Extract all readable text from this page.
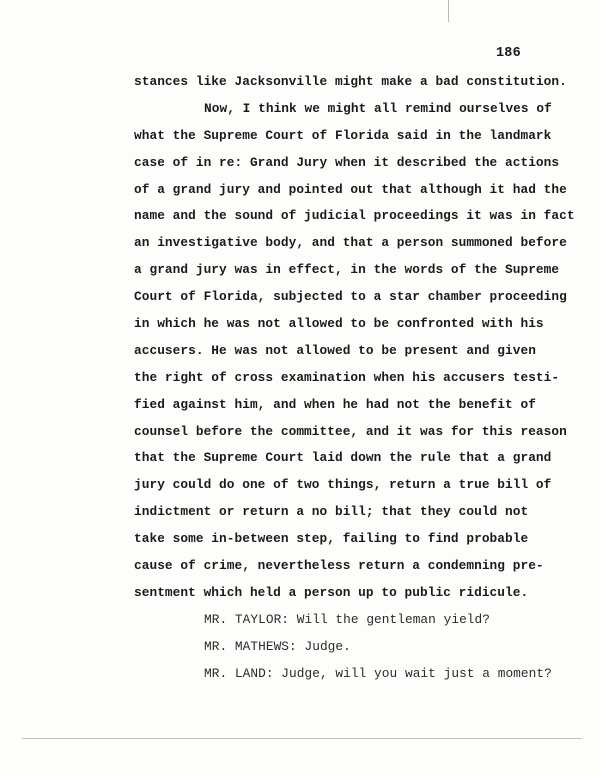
186
stances like Jacksonville might make a bad constitution.
Now, I think we might all remind ourselves of
what the Supreme Court of Florida said in the landmark
case of in re: Grand Jury when it described the actions
of a grand jury and pointed out that although it had the
name and the sound of judicial proceedings it was in fact
an investigative body, and that a person summoned before
a grand jury was in effect, in the words of the Supreme
Court of Florida, subjected to a star chamber proceeding
in which he was not allowed to be confronted with his
accusers. He was not allowed to be present and given
the right of cross examination when his accusers testi-
fied against him, and when he had not the benefit of
counsel before the committee, and it was for this reason
that the Supreme Court laid down the rule that a grand
jury could do one of two things, return a true bill of
indictment or return a no bill; that they could not
take some in-between step, failing to find probable
cause of crime, nevertheless return a condemning pre-
sentment which held a person up to public ridicule.
MR. TAYLOR: Will the gentleman yield?
MR. MATHEWS: Judge.
MR. LAND: Judge, will you wait just a moment?
